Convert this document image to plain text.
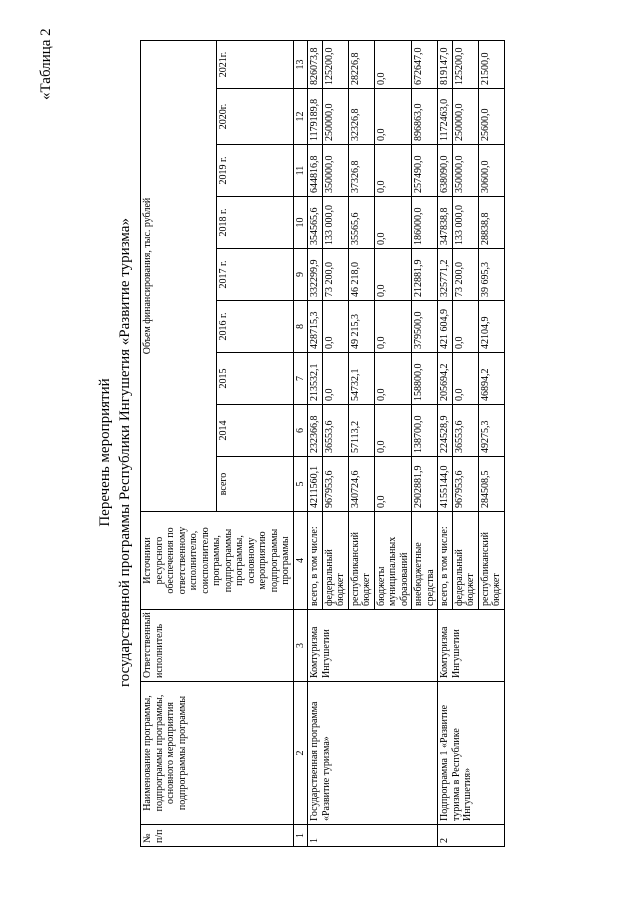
«Таблица 2
Перечень мероприятий государственной программы Республики Ингушетия «Развитие туризма»
№ п/п	Наименование программы, подпрограммы программы, основного мероприятия подпрограммы программы	Ответственный исполнитель	Источники ресурсного обеспечения по ответственному исполнителю, соисполнителю программы, подпрограммы программы, основному мероприятию подпрограммы программы	Объем финансирования, тыс. рублей								
				всего	2014	2015	2016 г.	2017 г.	2018 г.	2019 г.	2020г.	2021г.
1	2	3	4	5	6	7	8	9	10	11	12	13
1	Государственная программа «Развитие туризма»	Комтуризма Ингушетии	всего, в том числе:	4211560,1	232366,8	213532,1	428715,3	332299,9	354565,6	644816,8	1179189,8	826073,8
			федеральный бюджет	967953,6	36553,6	0,0	0,0	73 200,0	133 000,0	350000,0	250000,0	125200,0
			республиканский бюджет	340724,6	57113,2	54732,1	49 215,3	46 218,0	35565,6	37326,8	32326,8	28226,8
			бюджеты муниципальных образований	0,0	0,0	0,0	0,0	0,0	0,0	0,0	0,0	0,0
			внебюджетные средства	2902881,9	138700,0	158800,0	379500,0	212881,9	186000,0	257490,0	896863,0	672647,0
2	Подпрограмма 1 «Развитие туризма в Республике Ингушетия»	Комтуризма Ингушетии	всего, в том числе:	4155144,0	224528,9	205694,2	421 604,9	325771,2	347838,8	638090,0	1172463,0	819147,0
			федеральный бюджет	967953,6	36553,6	0,0	0,0	73 200,0	133 000,0	350000,0	250000,0	125200,0
			республиканский бюджет	284508,5	49275,3	46894,2	42104,9	39 695,3	28838,8	30600,0	25600,0	21500,0
